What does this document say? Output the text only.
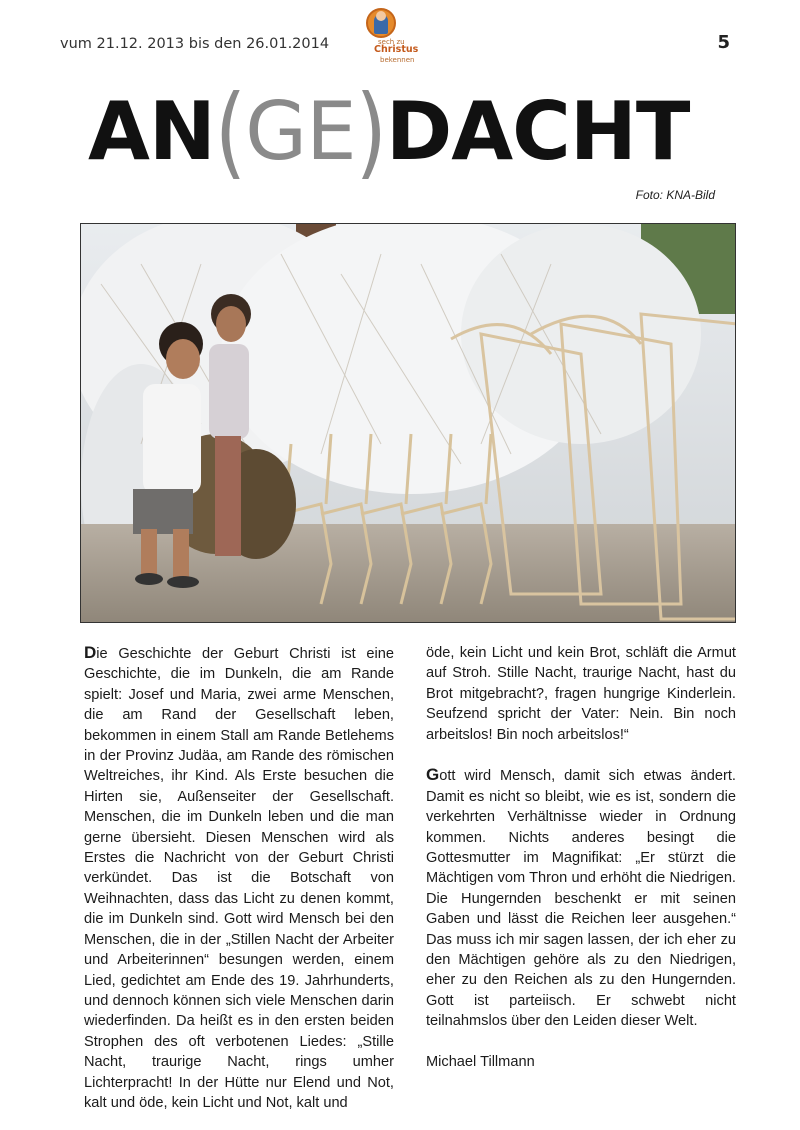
vum 21.12. 2013 bis den 26.01.2014	sech zu
Christus
bekennen
5
AN(GE)DACHT
Foto: KNA-Bild

Die Geschichte der Geburt Christi ist eine Geschichte, die im Dunkeln, die am Rande spielt: Josef und Maria, zwei arme Menschen, die am Rand der Gesellschaft leben, bekommen in einem Stall am Rande Betlehems in der Provinz Judäa, am Rande des römischen Weltreiches, ihr Kind. Als Erste besuchen die Hirten sie, Außenseiter der Gesellschaft. Menschen, die im Dunkeln leben und die man gerne übersieht. Diesen Menschen wird als Erstes die Nachricht von der Geburt Christi verkündet. Das ist die Botschaft von Weihnachten, dass das Licht zu denen kommt, die im Dunkeln sind. Gott wird Mensch bei den Menschen, die in der „Stillen Nacht der Arbeiter und Arbeiterinnen“ besungen werden, einem Lied, gedichtet am Ende des 19. Jahrhunderts, und dennoch können sich viele Menschen darin wiederfinden. Da heißt es in den ersten beiden Strophen des oft verbotenen Liedes: „Stille Nacht, traurige Nacht, rings umher Lichterpracht! In der Hütte nur Elend und Not, kalt und öde, kein Licht und Not, kalt und

öde, kein Licht und kein Brot, schläft die Armut auf Stroh. Stille Nacht, traurige Nacht, hast du Brot mitgebracht?, fragen hungrige Kinderlein. Seufzend spricht der Vater: Nein. Bin noch arbeitslos! Bin noch arbeitslos!“

Gott wird Mensch, damit sich etwas ändert. Damit es nicht so bleibt, wie es ist, sondern die verkehrten Verhältnisse wieder in Ordnung kommen. Nichts anderes besingt die Gottesmutter im Magnifikat: „Er stürzt die Mächtigen vom Thron und erhöht die Niedrigen. Die Hungernden beschenkt er mit seinen Gaben und lässt die Reichen leer ausgehen.“ Das muss ich mir sagen lassen, der ich eher zu den Mächtigen gehöre als zu den Niedrigen, eher zu den Reichen als zu den Hungernden. Gott ist parteiisch. Er schwebt nicht teilnahmslos über den Leiden dieser Welt.

Michael Tillmann
